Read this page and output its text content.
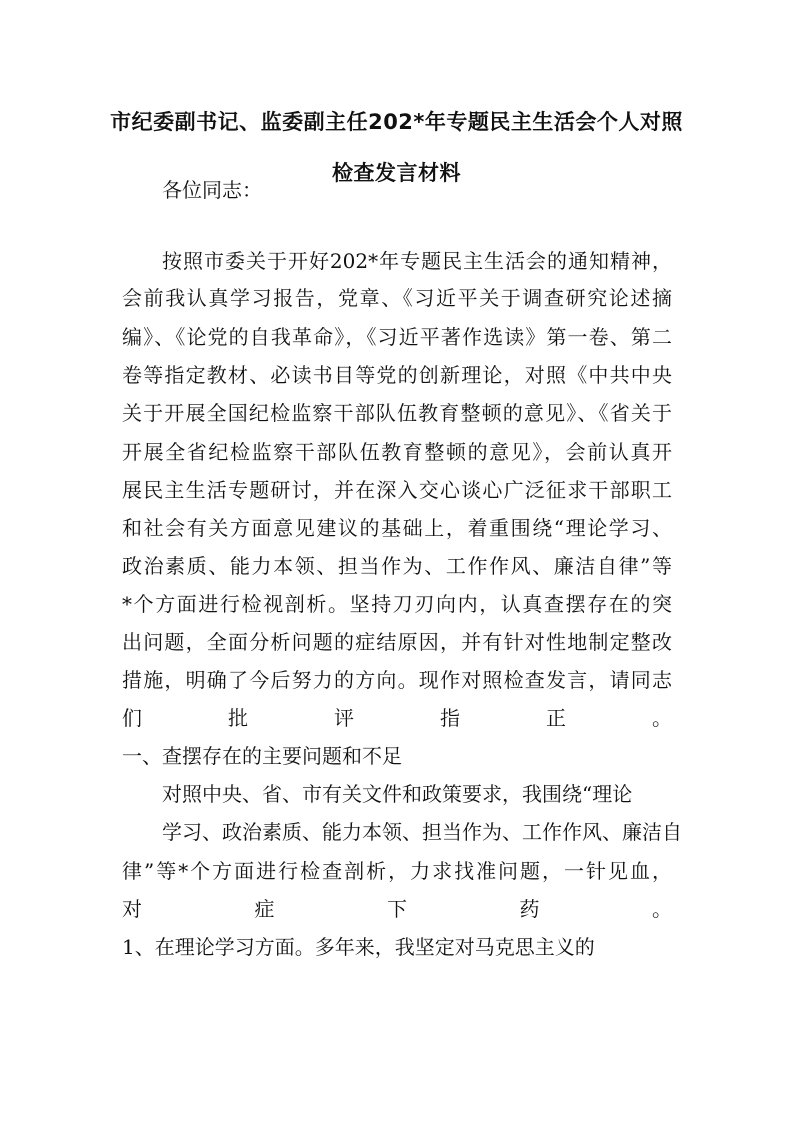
市纪委副书记、监委副主任202*年专题民主生活会个人对照
检查发言材料
各位同志：
按照市委关于开好202*年专题民主生活会的通知精神，
会前我认真学习报告，党章、《习近平关于调查研究论述摘
编》、《论党的自我革命》，《习近平著作选读》第一卷、第二
卷等指定教材、必读书目等党的创新理论，对照《中共中央
关于开展全国纪检监察干部队伍教育整顿的意见》、《省关于
开展全省纪检监察干部队伍教育整顿的意见》，会前认真开
展民主生活专题研讨，并在深入交心谈心广泛征求干部职工
和社会有关方面意见建议的基础上，着重围绕“理论学习、
政治素质、能力本领、担当作为、工作作风、廉洁自律”等
*个方面进行检视剖析。坚持刀刃向内，认真查摆存在的突
出问题，全面分析问题的症结原因，并有针对性地制定整改
措施，明确了今后努力的方向。现作对照检查发言，请同志
们批评指正。
一、查摆存在的主要问题和不足
对照中央、省、市有关文件和政策要求，我围绕“理论
学习、政治素质、能力本领、担当作为、工作作风、廉洁自
律”等*个方面进行检查剖析，力求找准问题，一针见血，
对症下药。
1、在理论学习方面。多年来，我坚定对马克思主义的
